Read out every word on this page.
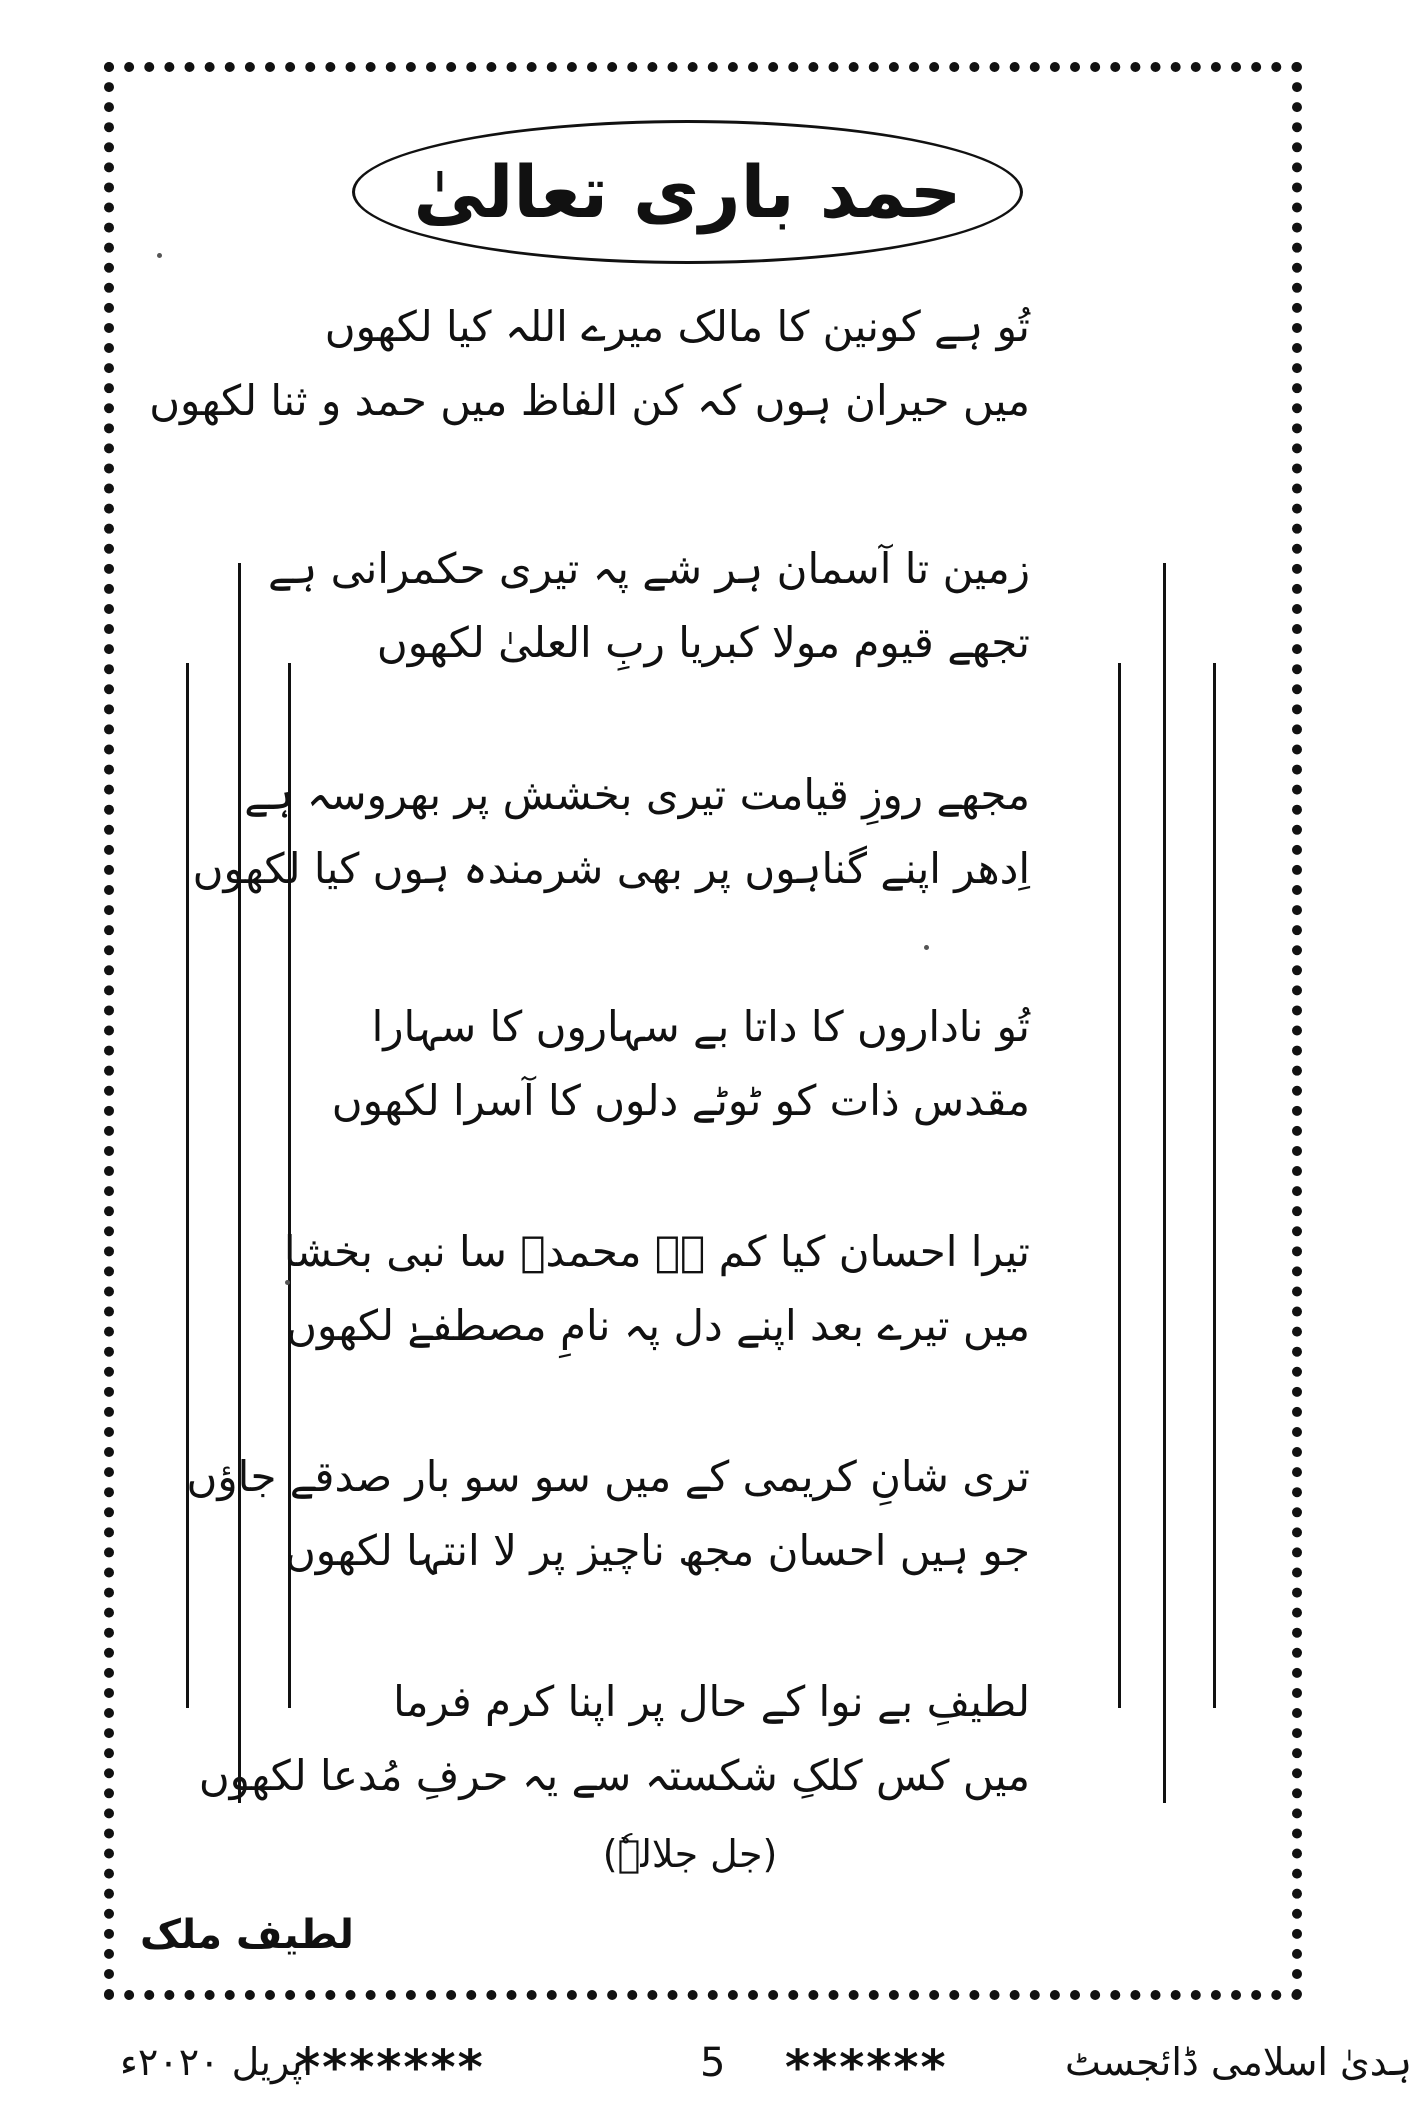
حمد باری تعالیٰ
تُو ہے کونین کا مالک میرے اللہ کیا لکھوں
میں حیران ہوں کہ کن الفاظ میں حمد و ثنا لکھوں
زمین تا آسمان ہر شے پہ تیری حکمرانی ہے
تجھے قیوم مولا کبریا ربِ العلیٰ لکھوں
مجھے روزِ قیامت تیری بخشش پر بھروسہ ہے
اِدھر اپنے گناہوں پر بھی شرمندہ ہوں کیا لکھوں
تُو ناداروں کا داتا بے سہاروں کا سہارا
مقدس ذات کو ٹوٹے دلوں کا آسرا لکھوں
تیرا احسان کیا کم ہے محمدؐ سا نبی بخشا
میں تیرے بعد اپنے دل پہ نامِ مصطفےٰ لکھوں
تری شانِ کریمی کے میں سو سو بار صدقے جاؤں
جو ہیں احسان مجھ ناچیز پر لا انتہا لکھوں
لطیفِ بے نوا کے حال پر اپنا کرم فرما
میں کس کلکِ شکستہ سے یہ حرفِ مُدعا لکھوں
(جل جلالہٗ)
لطیف ملک
اپریل ۲۰۲۰ء
*******	5 ******	ہدیٰ اسلامی ڈائجسٹ
